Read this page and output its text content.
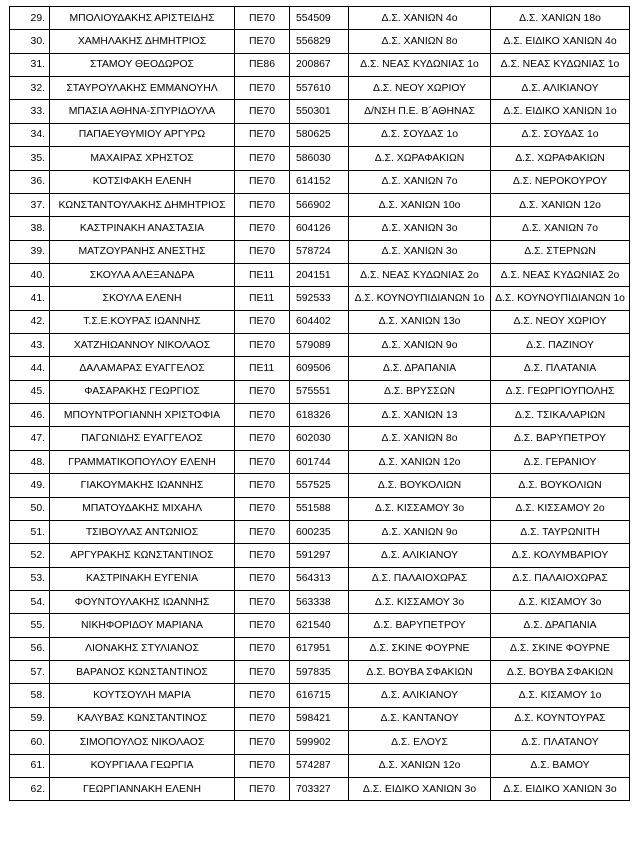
29.	ΜΠΟΛΙΟΥΔΑΚΗΣ ΑΡΙΣΤΕΙΔΗΣ	ΠΕ70	554509	Δ.Σ. ΧΑΝΙΩΝ 4ο	Δ.Σ. ΧΑΝΙΩΝ 18ο
30.	ΧΑΜΗΛΑΚΗΣ ΔΗΜΗΤΡΙΟΣ	ΠΕ70	556829	Δ.Σ. ΧΑΝΙΩΝ 8ο	Δ.Σ. ΕΙΔΙΚΟ ΧΑΝΙΩΝ 4ο
31.	ΣΤΑΜΟΥ ΘΕΟΔΩΡΟΣ	ΠΕ86	200867	Δ.Σ. ΝΕΑΣ ΚΥΔΩΝΙΑΣ 1ο	Δ.Σ. ΝΕΑΣ ΚΥΔΩΝΙΑΣ 1ο
32.	ΣΤΑΥΡΟΥΛΑΚΗΣ ΕΜΜΑΝΟΥΗΛ	ΠΕ70	557610	Δ.Σ. ΝΕΟΥ ΧΩΡΙΟΥ	Δ.Σ. ΑΛΙΚΙΑΝΟΥ
33.	ΜΠΑΣΙΑ ΑΘΗΝΑ-ΣΠΥΡΙΔΟΥΛΑ	ΠΕ70	550301	Δ/ΝΣΗ Π.Ε. Β΄ΑΘΗΝΑΣ	Δ.Σ. ΕΙΔΙΚΟ ΧΑΝΙΩΝ 1ο
34.	ΠΑΠΑΕΥΘΥΜΙΟΥ ΑΡΓΥΡΩ	ΠΕ70	580625	Δ.Σ. ΣΟΥΔΑΣ 1ο	Δ.Σ. ΣΟΥΔΑΣ 1ο
35.	ΜΑΧΑΙΡΑΣ ΧΡΗΣΤΟΣ	ΠΕ70	586030	Δ.Σ. ΧΩΡΑΦΑΚΙΩΝ	Δ.Σ. ΧΩΡΑΦΑΚΙΩΝ
36.	ΚΟΤΣΙΦΑΚΗ ΕΛΕΝΗ	ΠΕ70	614152	Δ.Σ. ΧΑΝΙΩΝ 7ο	Δ.Σ. ΝΕΡΟΚΟΥΡΟΥ
37.	ΚΩΝΣΤΑΝΤΟΥΛΑΚΗΣ ΔΗΜΗΤΡΙΟΣ	ΠΕ70	566902	Δ.Σ. ΧΑΝΙΩΝ 10ο	Δ.Σ. ΧΑΝΙΩΝ 12ο
38.	ΚΑΣΤΡΙΝΑΚΗ ΑΝΑΣΤΑΣΙΑ	ΠΕ70	604126	Δ.Σ. ΧΑΝΙΩΝ 3ο	Δ.Σ. ΧΑΝΙΩΝ 7ο
39.	ΜΑΤΖΟΥΡΑΝΗΣ ΑΝΕΣΤΗΣ	ΠΕ70	578724	Δ.Σ. ΧΑΝΙΩΝ 3ο	Δ.Σ. ΣΤΕΡΝΩΝ
40.	ΣΚΟΥΛΑ ΑΛΕΞΑΝΔΡΑ	ΠΕ11	204151	Δ.Σ. ΝΕΑΣ ΚΥΔΩΝΙΑΣ 2ο	Δ.Σ. ΝΕΑΣ ΚΥΔΩΝΙΑΣ 2ο
41.	ΣΚΟΥΛΑ ΕΛΕΝΗ	ΠΕ11	592533	Δ.Σ. ΚΟΥΝΟΥΠΙΔΙΑΝΩΝ 1ο	Δ.Σ. ΚΟΥΝΟΥΠΙΔΙΑΝΩΝ 1ο
42.	Τ.Σ.Ε.ΚΟΥΡΑΣ ΙΩΑΝΝΗΣ	ΠΕ70	604402	Δ.Σ. ΧΑΝΙΩΝ 13ο	Δ.Σ. ΝΕΟΥ ΧΩΡΙΟΥ
43.	ΧΑΤΖΗΙΩΑΝΝΟΥ ΝΙΚΟΛΑΟΣ	ΠΕ70	579089	Δ.Σ. ΧΑΝΙΩΝ 9ο	Δ.Σ. ΠΑΖΙΝΟΥ
44.	ΔΑΛΑΜΑΡΑΣ ΕΥΑΓΓΕΛΟΣ	ΠΕ11	609506	Δ.Σ. ΔΡΑΠΑΝΙΑ	Δ.Σ. ΠΛΑΤΑΝΙΑ
45.	ΦΑΣΑΡΑΚΗΣ ΓΕΩΡΓΙΟΣ	ΠΕ70	575551	Δ.Σ. ΒΡΥΣΣΩΝ	Δ.Σ. ΓΕΩΡΓΙΟΥΠΟΛΗΣ
46.	ΜΠΟΥΝΤΡΟΓΙΑΝΝΗ ΧΡΙΣΤΟΦΙΑ	ΠΕ70	618326	Δ.Σ. ΧΑΝΙΩΝ 13	Δ.Σ. ΤΣΙΚΑΛΑΡΙΩΝ
47.	ΠΑΓΩΝΙΔΗΣ ΕΥΑΓΓΕΛΟΣ	ΠΕ70	602030	Δ.Σ. ΧΑΝΙΩΝ 8ο	Δ.Σ. ΒΑΡΥΠΕΤΡΟΥ
48.	ΓΡΑΜΜΑΤΙΚΟΠΟΥΛΟΥ ΕΛΕΝΗ	ΠΕ70	601744	Δ.Σ. ΧΑΝΙΩΝ 12ο	Δ.Σ. ΓΕΡΑΝΙΟΥ
49.	ΓΙΑΚΟΥΜΑΚΗΣ ΙΩΑΝΝΗΣ	ΠΕ70	557525	Δ.Σ. ΒΟΥΚΟΛΙΩΝ	Δ.Σ. ΒΟΥΚΟΛΙΩΝ
50.	ΜΠΑΤΟΥΔΑΚΗΣ ΜΙΧΑΗΛ	ΠΕ70	551588	Δ.Σ. ΚΙΣΣΑΜΟΥ 3ο	Δ.Σ. ΚΙΣΣΑΜΟΥ 2ο
51.	ΤΣΙΒΟΥΛΑΣ ΑΝΤΩΝΙΟΣ	ΠΕ70	600235	Δ.Σ. ΧΑΝΙΩΝ 9ο	Δ.Σ. ΤΑΥΡΩΝΙΤΗ
52.	ΑΡΓΥΡΑΚΗΣ ΚΩΝΣΤΑΝΤΙΝΟΣ	ΠΕ70	591297	Δ.Σ. ΑΛΙΚΙΑΝΟΥ	Δ.Σ. ΚΟΛΥΜΒΑΡΙΟΥ
53.	ΚΑΣΤΡΙΝΑΚΗ ΕΥΓΕΝΙΑ	ΠΕ70	564313	Δ.Σ. ΠΑΛΑΙΟΧΩΡΑΣ	Δ.Σ. ΠΑΛΑΙΟΧΩΡΑΣ
54.	ΦΟΥΝΤΟΥΛΑΚΗΣ ΙΩΑΝΝΗΣ	ΠΕ70	563338	Δ.Σ. ΚΙΣΣΑΜΟΥ 3ο	Δ.Σ. ΚΙΣΑΜΟΥ 3ο
55.	ΝΙΚΗΦΟΡΙΔΟΥ ΜΑΡΙΑΝΑ	ΠΕ70	621540	Δ.Σ. ΒΑΡΥΠΕΤΡΟΥ	Δ.Σ. ΔΡΑΠΑΝΙΑ
56.	ΛΙΟΝΑΚΗΣ ΣΤΥΛΙΑΝΟΣ	ΠΕ70	617951	Δ.Σ. ΣΚΙΝΕ ΦΟΥΡΝΕ	Δ.Σ. ΣΚΙΝΕ ΦΟΥΡΝΕ
57.	ΒΑΡΑΝΟΣ ΚΩΝΣΤΑΝΤΙΝΟΣ	ΠΕ70	597835	Δ.Σ. ΒΟΥΒΑ ΣΦΑΚΙΩΝ	Δ.Σ. ΒΟΥΒΑ ΣΦΑΚΙΩΝ
58.	ΚΟΥΤΣΟΥΛΗ ΜΑΡΙΑ	ΠΕ70	616715	Δ.Σ. ΑΛΙΚΙΑΝΟΥ	Δ.Σ. ΚΙΣΑΜΟΥ 1ο
59.	ΚΑΛΥΒΑΣ ΚΩΝΣΤΑΝΤΙΝΟΣ	ΠΕ70	598421	Δ.Σ. ΚΑΝΤΑΝΟΥ	Δ.Σ. ΚΟΥΝΤΟΥΡΑΣ
60.	ΣΙΜΟΠΟΥΛΟΣ ΝΙΚΟΛΑΟΣ	ΠΕ70	599902	Δ.Σ. ΕΛΟΥΣ	Δ.Σ. ΠΛΑΤΑΝΟΥ
61.	ΚΟΥΡΓΙΑΛΑ ΓΕΩΡΓΙΑ	ΠΕ70	574287	Δ.Σ. ΧΑΝΙΩΝ 12ο	Δ.Σ. ΒΑΜΟΥ
62.	ΓΕΩΡΓΙΑΝΝΑΚΗ ΕΛΕΝΗ	ΠΕ70	703327	Δ.Σ. ΕΙΔΙΚΟ ΧΑΝΙΩΝ 3ο	Δ.Σ. ΕΙΔΙΚΟ ΧΑΝΙΩΝ 3ο
